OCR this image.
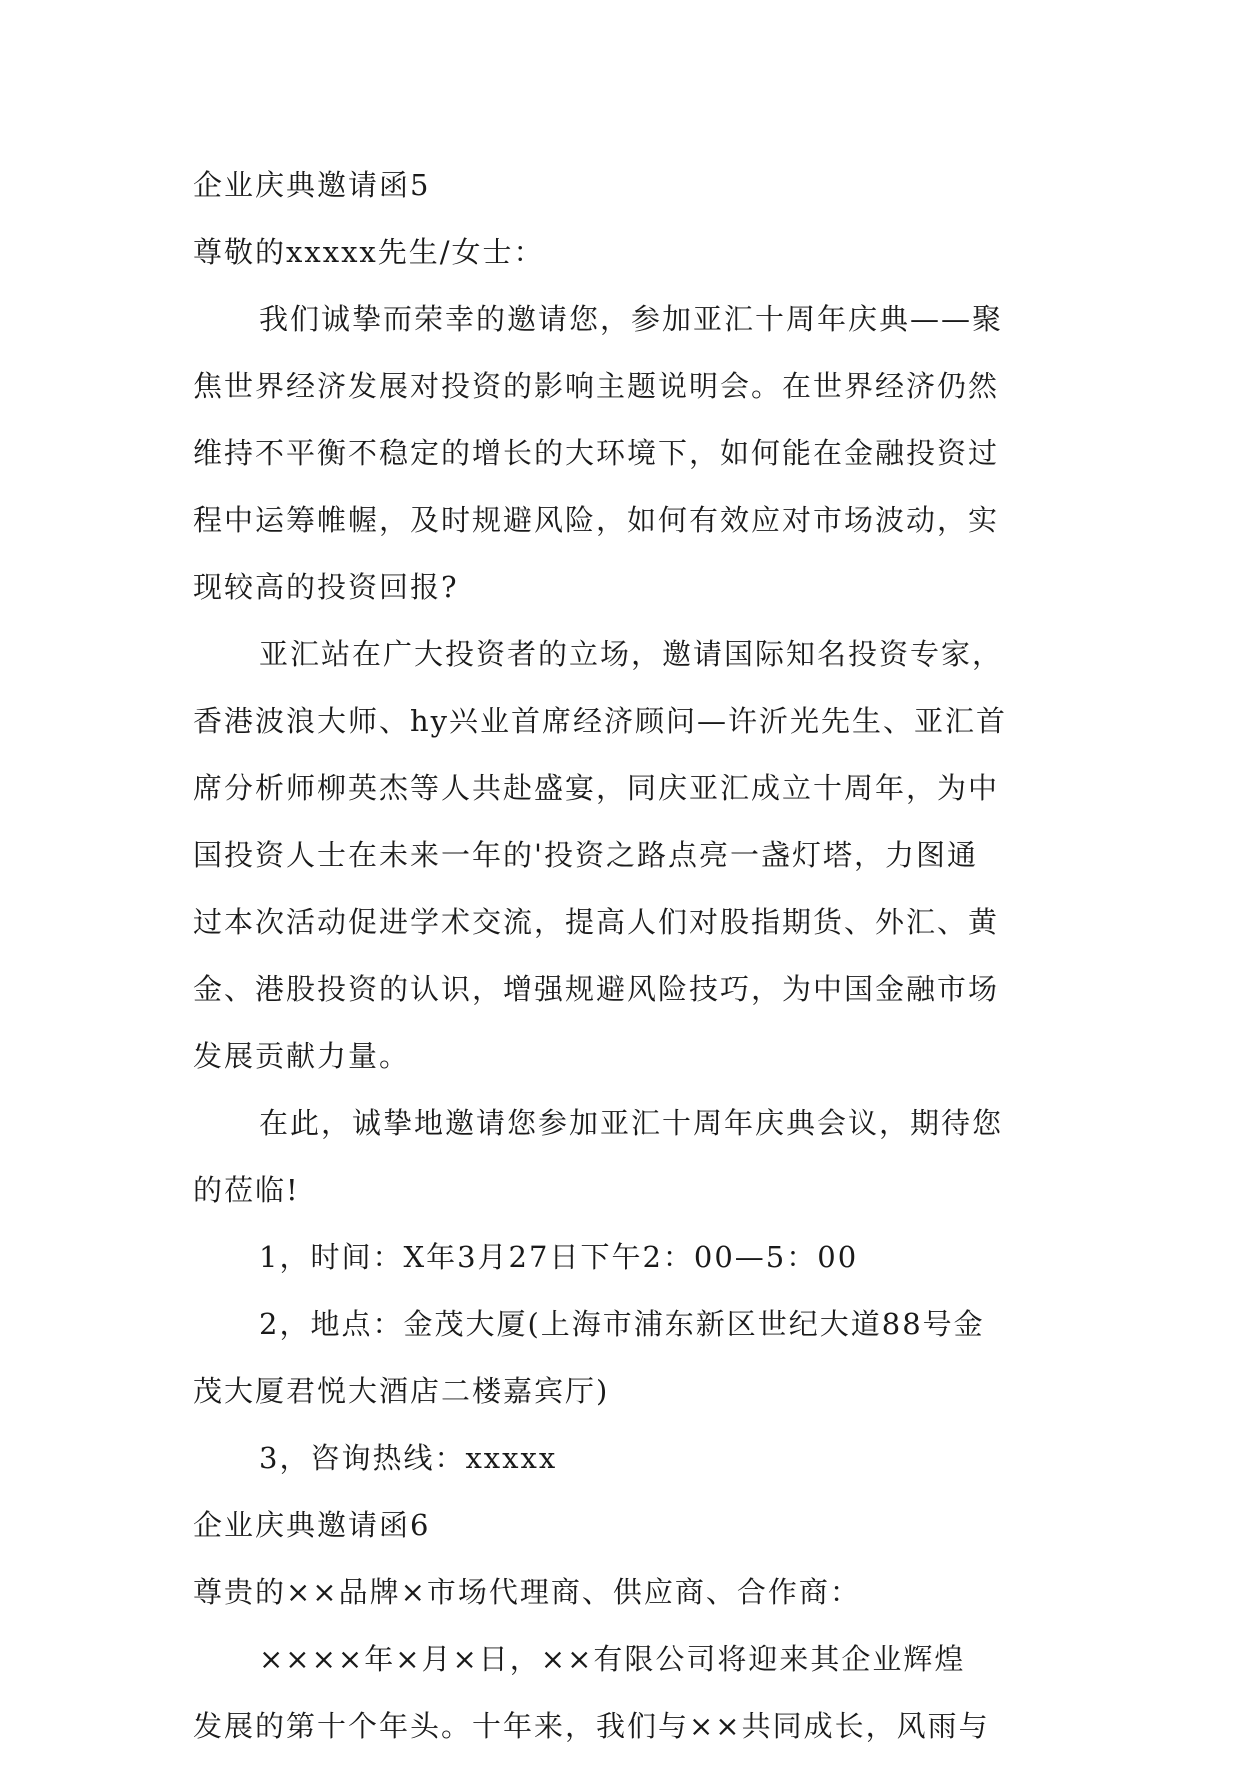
企业庆典邀请函5
尊敬的xxxxx先生/女士：
我们诚挚而荣幸的邀请您，参加亚汇十周年庆典——聚
焦世界经济发展对投资的影响主题说明会。在世界经济仍然
维持不平衡不稳定的增长的大环境下，如何能在金融投资过
程中运筹帷幄，及时规避风险，如何有效应对市场波动，实
现较高的投资回报?
亚汇站在广大投资者的立场，邀请国际知名投资专家，
香港波浪大师、hy兴业首席经济顾问—许沂光先生、亚汇首
席分析师柳英杰等人共赴盛宴，同庆亚汇成立十周年，为中
国投资人士在未来一年的'投资之路点亮一盏灯塔，力图通
过本次活动促进学术交流，提高人们对股指期货、外汇、黄
金、港股投资的认识，增强规避风险技巧，为中国金融市场
发展贡献力量。
在此，诚挚地邀请您参加亚汇十周年庆典会议，期待您
的莅临!
1，时间：X年3月27日下午2：00—5：00
2，地点：金茂大厦(上海市浦东新区世纪大道88号金
茂大厦君悦大酒店二楼嘉宾厅)
3，咨询热线：xxxxx
企业庆典邀请函6
尊贵的××品牌×市场代理商、供应商、合作商：
××××年×月×日，××有限公司将迎来其企业辉煌
发展的第十个年头。十年来，我们与××共同成长，风雨与
